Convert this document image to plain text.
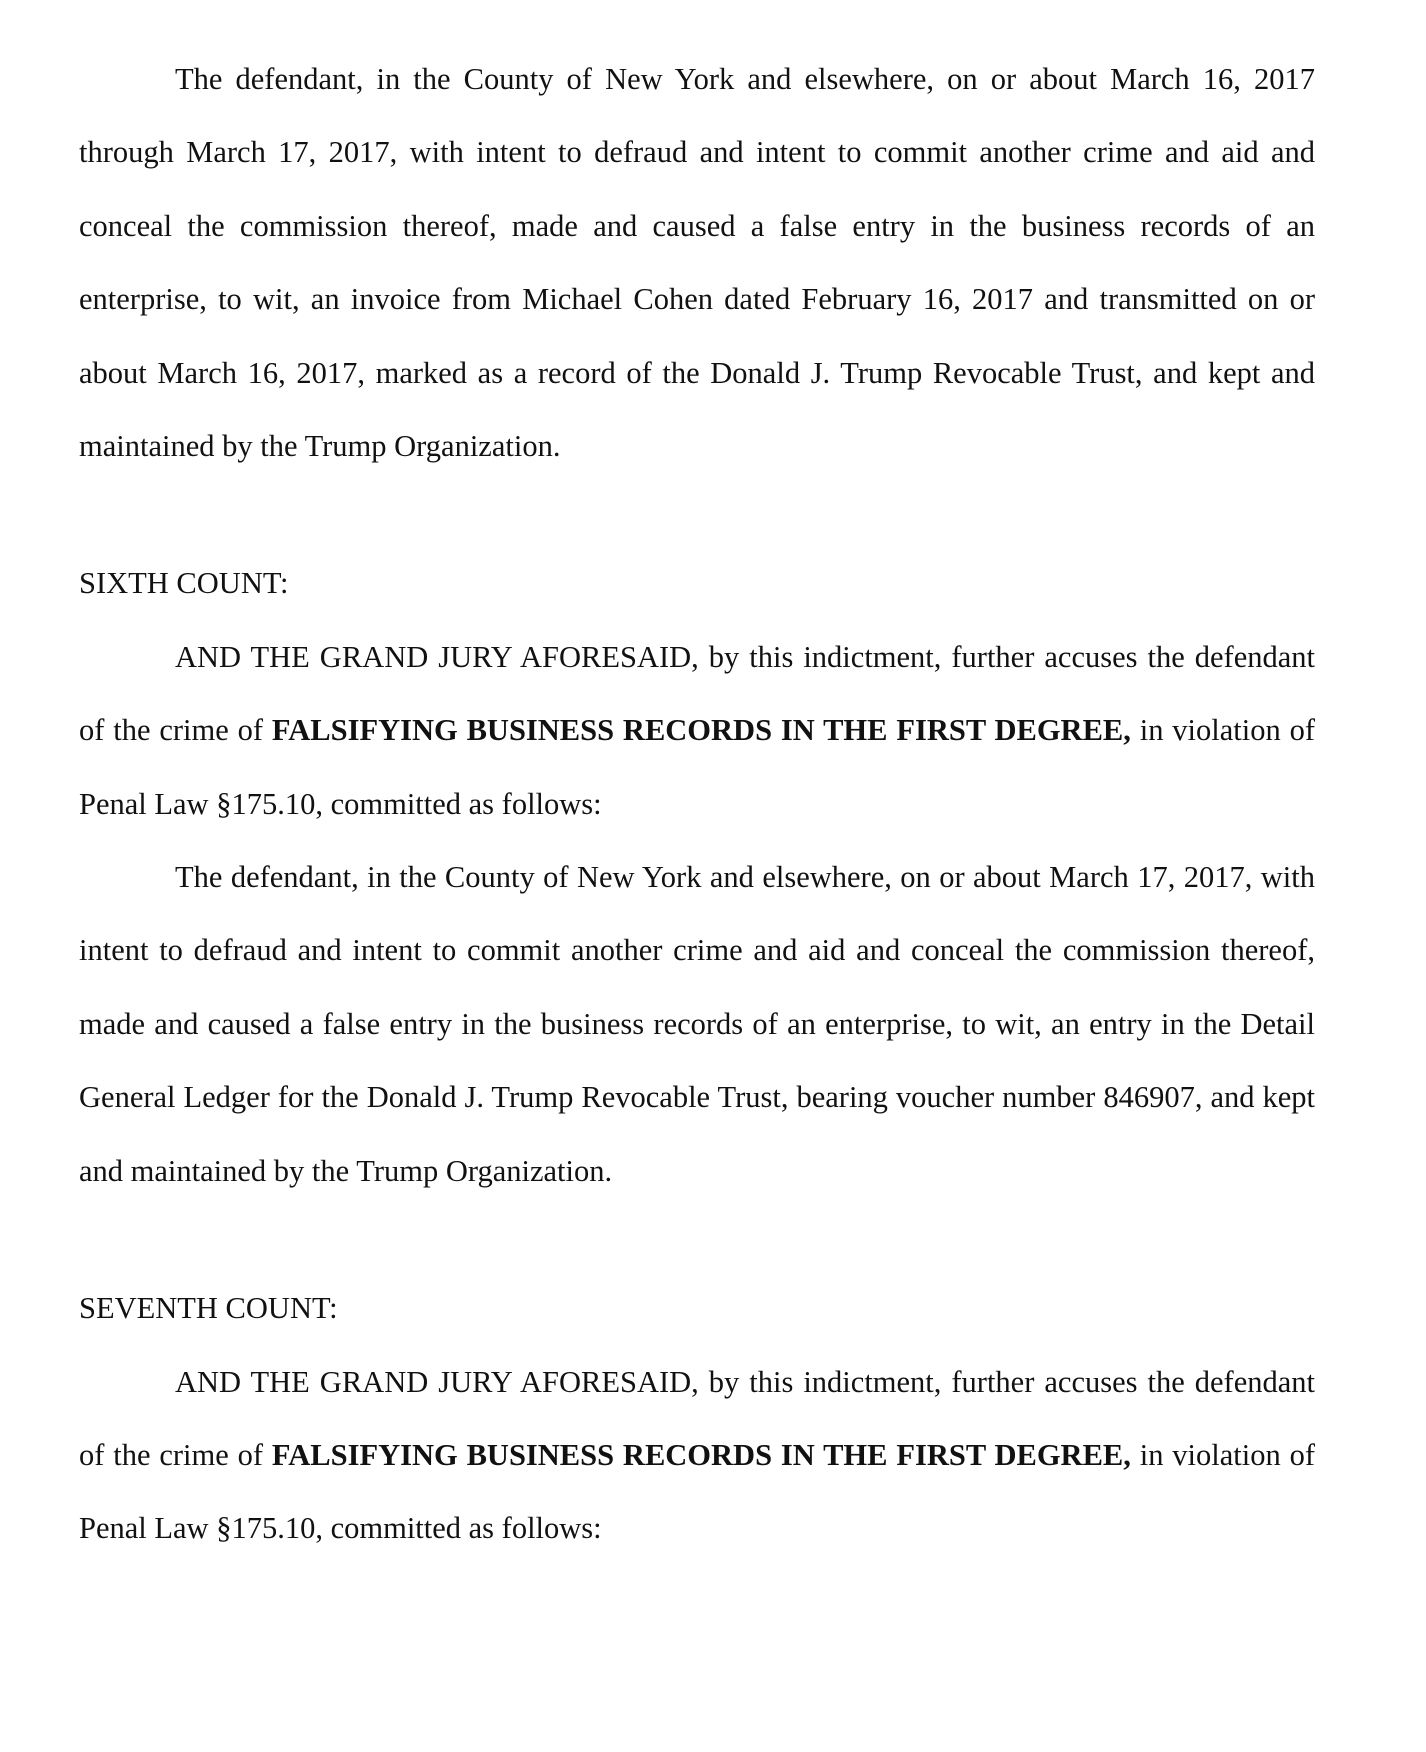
The defendant, in the County of New York and elsewhere, on or about March 16, 2017 through March 17, 2017, with intent to defraud and intent to commit another crime and aid and conceal the commission thereof, made and caused a false entry in the business records of an enterprise, to wit, an invoice from Michael Cohen dated February 16, 2017 and transmitted on or about March 16, 2017, marked as a record of the Donald J. Trump Revocable Trust, and kept and maintained by the Trump Organization.

SIXTH COUNT:

AND THE GRAND JURY AFORESAID, by this indictment, further accuses the defendant of the crime of FALSIFYING BUSINESS RECORDS IN THE FIRST DEGREE, in violation of Penal Law §175.10, committed as follows:

The defendant, in the County of New York and elsewhere, on or about March 17, 2017, with intent to defraud and intent to commit another crime and aid and conceal the commission thereof, made and caused a false entry in the business records of an enterprise, to wit, an entry in the Detail General Ledger for the Donald J. Trump Revocable Trust, bearing voucher number 846907, and kept and maintained by the Trump Organization.

SEVENTH COUNT:

AND THE GRAND JURY AFORESAID, by this indictment, further accuses the defendant of the crime of FALSIFYING BUSINESS RECORDS IN THE FIRST DEGREE, in violation of Penal Law §175.10, committed as follows:
